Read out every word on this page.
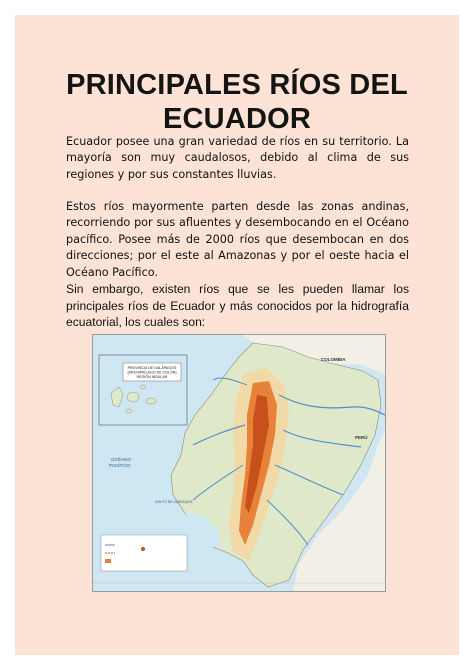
PRINCIPALES RÍOS DEL
ECUADOR
Ecuador posee una gran variedad de ríos en su territorio. La mayoría son muy caudalosos, debido al clima de sus regiones y por sus constantes lluvias.
Estos ríos mayormente parten desde las zonas andinas, recorriendo por sus afluentes y desembocando en el Océano pacífico. Posee más de 2000 ríos que desembocan en dos direcciones; por el este al Amazonas y por el oeste hacia el Océano Pacífico.
Sin embargo, existen ríos que se les pueden llamar los principales ríos de Ecuador y más conocidos por la hidrografía ecuatorial, los cuales son:
PROVINCIA DE GALÁPAGOS
(ARCHIPIÉLAGO DE COLÓN)
REGIÓN INSULAR
COLOMBIA
PERÚ
OCÉANO
PACÍFICO
GOLFO DE GUAYAQUIL
